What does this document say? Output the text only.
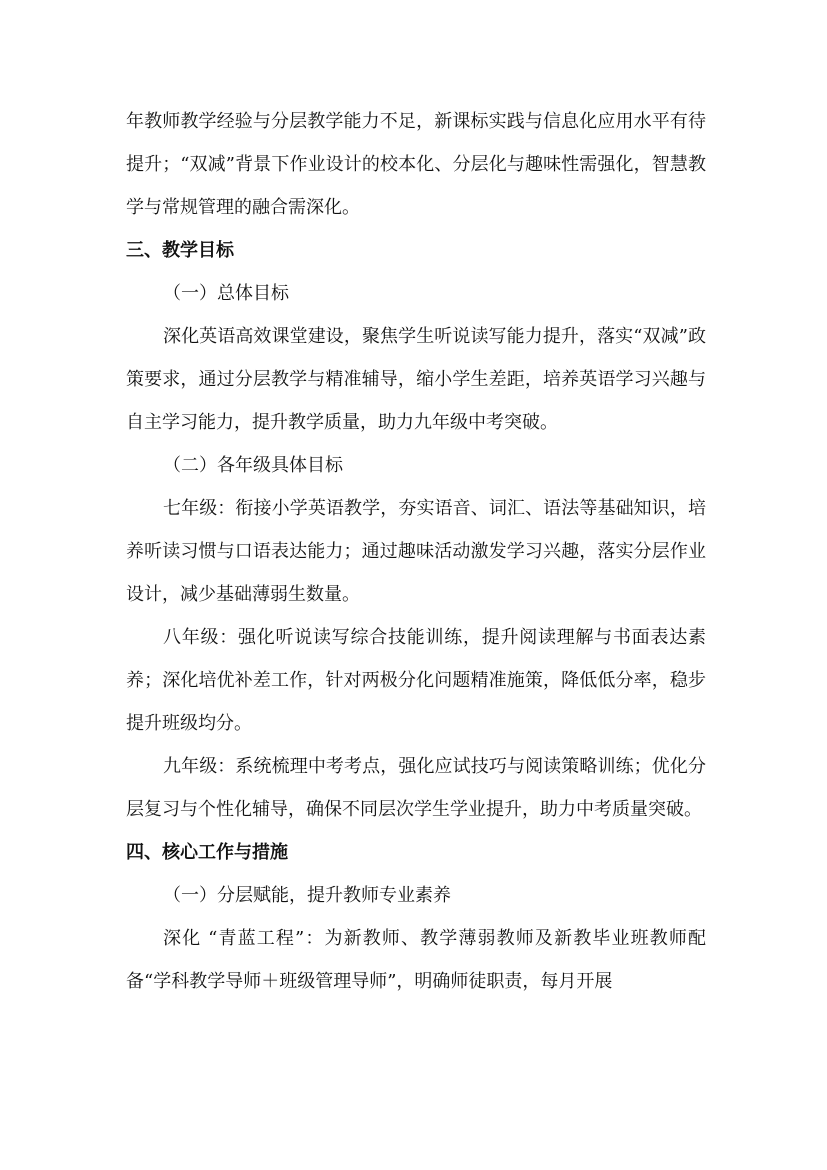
年教师教学经验与分层教学能力不足，新课标实践与信息化应用水平有待提升；“双减”背景下作业设计的校本化、分层化与趣味性需强化，智慧教学与常规管理的融合需深化。

三、教学目标

（一）总体目标

深化英语高效课堂建设，聚焦学生听说读写能力提升，落实“双减”政策要求，通过分层教学与精准辅导，缩小学生差距，培养英语学习兴趣与自主学习能力，提升教学质量，助力九年级中考突破。

（二）各年级具体目标

七年级：衔接小学英语教学，夯实语音、词汇、语法等基础知识，培养听读习惯与口语表达能力；通过趣味活动激发学习兴趣，落实分层作业设计，减少基础薄弱生数量。

八年级：强化听说读写综合技能训练，提升阅读理解与书面表达素养；深化培优补差工作，针对两极分化问题精准施策，降低低分率，稳步提升班级均分。

九年级：系统梳理中考考点，强化应试技巧与阅读策略训练；优化分层复习与个性化辅导，确保不同层次学生学业提升，助力中考质量突破。

四、核心工作与措施

（一）分层赋能，提升教师专业素养

深化 “青蓝工程”：为新教师、教学薄弱教师及新教毕业班教师配备“学科教学导师＋班级管理导师”，明确师徒职责，每月开展
